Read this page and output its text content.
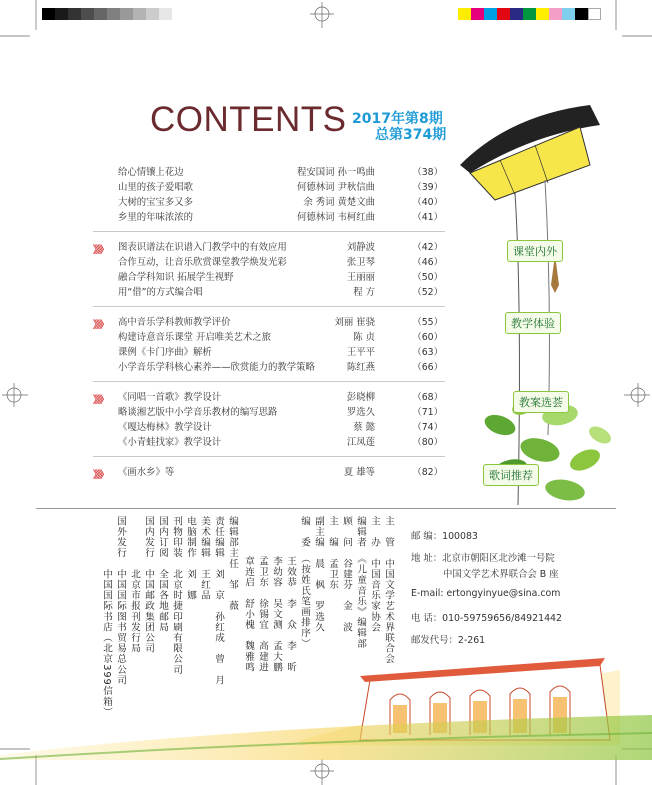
CONTENTS 2017年第8期
总第374期
给心情镶上花边	程安国词 孙一鸣曲	（38）
山里的孩子爱唱歌	何德林词 尹秋信曲	（39）
大树的宝宝多又多	余 秀词 黄楚文曲	（40）
乡里的年味浓浓的	何德林词 韦柯红曲	（41）
》》》 图表识谱法在识谱入门教学中的有效应用	刘静波	（42）
合作互动，让音乐欣赏课堂教学焕发光彩	张卫琴	（46）
融合学科知识 拓展学生视野	王丽丽	（50）
用“借”的方式编合唱	程 方	（52）
》》》 高中音乐学科教师教学评价	刘丽 崔骁	（55）
构建诗意音乐课堂 开启唯美艺术之旅	陈 贞	（60）
课例《卡门序曲》解析	王平平	（63）
小学音乐学科核心素养——欣赏能力的教学策略	陈红燕	（66）
》》》 《同唱一首歌》教学设计	彭晓柳	（68）
略谈湘艺版中小学音乐教材的编写思路	罗选久	（71）
《嘎达梅林》教学设计	蔡 懿	（74）
《小青蛙找家》教学设计	江凤莲	（80）
》》》 《画水乡》等	夏 雄等	（82）
课堂内外
教学体验
教案选荟
歌词推荐
主　管　中国文学艺术界联合会
主　办　中国音乐家协会
编辑者　《儿童音乐》编辑部
顾　问　谷建芬　金　波
主　编　孟卫东
副主编　晨　枫　罗选久
编　委　（按姓氏笔画排序）
王效恭　李　众　李　昕
李幼容　吴文测　孟大鹏
孟卫东　徐锡宜　高建进
章连启　舒小槐　魏雅鸣
编辑部主任　邹　薇
责任编辑　刘　京　孙红成　曾　月
美术编辑　王红品
电脑制作　刘　娜
刊物印装　北京时捷印刷有限公司
国内订阅　全国各地邮局
国内发行　中国邮政集团公司
　　　　　北京市报刊发行局
国外发行　中国国际图书贸易总公司
　　　　　中国国际书店（北京399信箱）	邮 编：100083
地 址：北京市朝阳区北沙滩一号院
中国文学艺术界联合会 B 座
E-mail: ertongyinyue@sina.com
电 话：010-59759656/84921442
邮发代号：2-261
